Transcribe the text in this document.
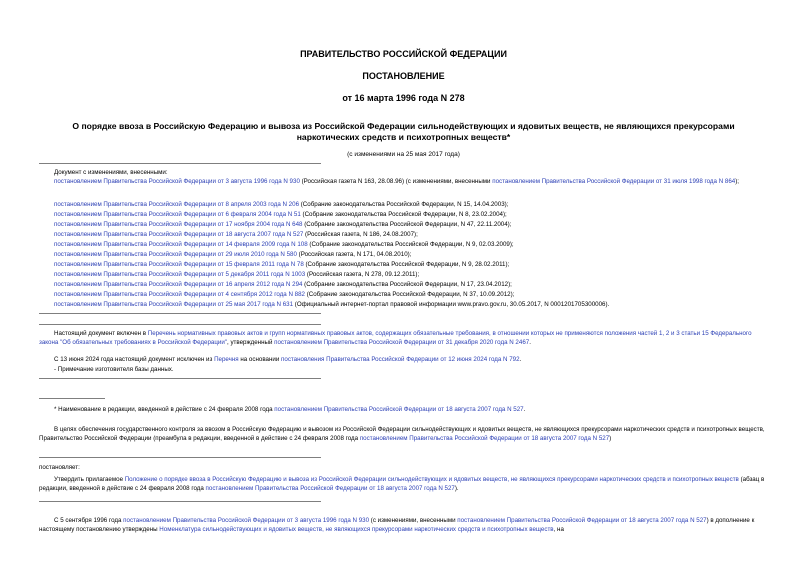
ПРАВИТЕЛЬСТВО РОССИЙСКОЙ ФЕДЕРАЦИИ
ПОСТАНОВЛЕНИЕ
от 16 марта 1996 года N 278
О порядке ввоза в Российскую Федерацию и вывоза из Российской Федерации сильнодействующих и ядовитых веществ, не являющихся прекурсорами
наркотических средств и психотропных веществ*
(с изменениями на 25 мая 2017 года)
Документ с изменениями, внесенными:
постановлением Правительства Российской Федерации от 3 августа 1996 года N 930 (Российская газета N 163, 28.08.96) (с изменениями, внесенными постановлением Правительства Российской Федерации от 31 июля 1998 года N 864);
постановлением Правительства Российской Федерации от 8 апреля 2003 года N 206 (Собрание законодательства Российской Федерации, N 15, 14.04.2003);
постановлением Правительства Российской Федерации от 6 февраля 2004 года N 51 (Собрание законодательства Российской Федерации, N 8, 23.02.2004);
постановлением Правительства Российской Федерации от 17 ноября 2004 года N 648 (Собрание законодательства Российской Федерации, N 47, 22.11.2004);
постановлением Правительства Российской Федерации от 18 августа 2007 года N 527 (Российская газета, N 186, 24.08.2007);
постановлением Правительства Российской Федерации от 14 февраля 2009 года N 108 (Собрание законодательства Российской Федерации, N 9, 02.03.2009);
постановлением Правительства Российской Федерации от 29 июля 2010 года N 580 (Российская газета, N 171, 04.08.2010);
постановлением Правительства Российской Федерации от 15 февраля 2011 года N 78 (Собрание законодательства Российской Федерации, N 9, 28.02.2011);
постановлением Правительства Российской Федерации от 5 декабря 2011 года N 1003 (Российская газета, N 278, 09.12.2011);
постановлением Правительства Российской Федерации от 16 апреля 2012 года N 294 (Собрание законодательства Российской Федерации, N 17, 23.04.2012);
постановлением Правительства Российской Федерации от 4 сентября 2012 года N 882 (Собрание законодательства Российской Федерации, N 37, 10.09.2012);
постановлением Правительства Российской Федерации от 25 мая 2017 года N 631 (Официальный интернет-портал правовой информации www.pravo.gov.ru, 30.05.2017, N 0001201705300006).
Настоящий документ включен в Перечень нормативных правовых актов и групп нормативных правовых актов, содержащих обязательные требования, в отношении которых не применяются положения частей 1, 2 и 3 статьи 15 Федерального закона "Об обязательных требованиях в Российской Федерации", утвержденный постановлением Правительства Российской Федерации от 31 декабря 2020 года N 2467.
С 13 июня 2024 года настоящий документ исключен из Перечня на основании постановления Правительства Российской Федерации от 12 июня 2024 года N 792.
- Примечание изготовителя базы данных.
* Наименование в редакции, введенной в действие с 24 февраля 2008 года постановлением Правительства Российской Федерации от 18 августа 2007 года N 527.
В целях обеспечения государственного контроля за ввозом в Российскую Федерацию и вывозом из Российской Федерации сильнодействующих и ядовитых веществ, не являющихся прекурсорами наркотических средств и психотропных веществ, Правительство Российской Федерации (преамбула в редакции, введенной в действие с 24 февраля 2008 года постановлением Правительства Российской Федерации от 18 августа 2007 года N 527)
постановляет:
Утвердить прилагаемое Положение о порядке ввоза в Российскую Федерацию и вывоза из Российской Федерации сильнодействующих и ядовитых веществ, не являющихся прекурсорами наркотических средств и психотропных веществ (абзац в редакции, введенной в действие с 24 февраля 2008 года постановлением Правительства Российской Федерации от 18 августа 2007 года N 527).
С 5 сентября 1996 года постановлением Правительства Российской Федерации от 3 августа 1996 года N 930 (с изменениями, внесенными постановлением Правительства Российской Федерации от 18 августа 2007 года N 527) в дополнение к настоящему постановлению утверждены Номенклатура сильнодействующих и ядовитых веществ, не являющихся прекурсорами наркотических средств и психотропных веществ, на
